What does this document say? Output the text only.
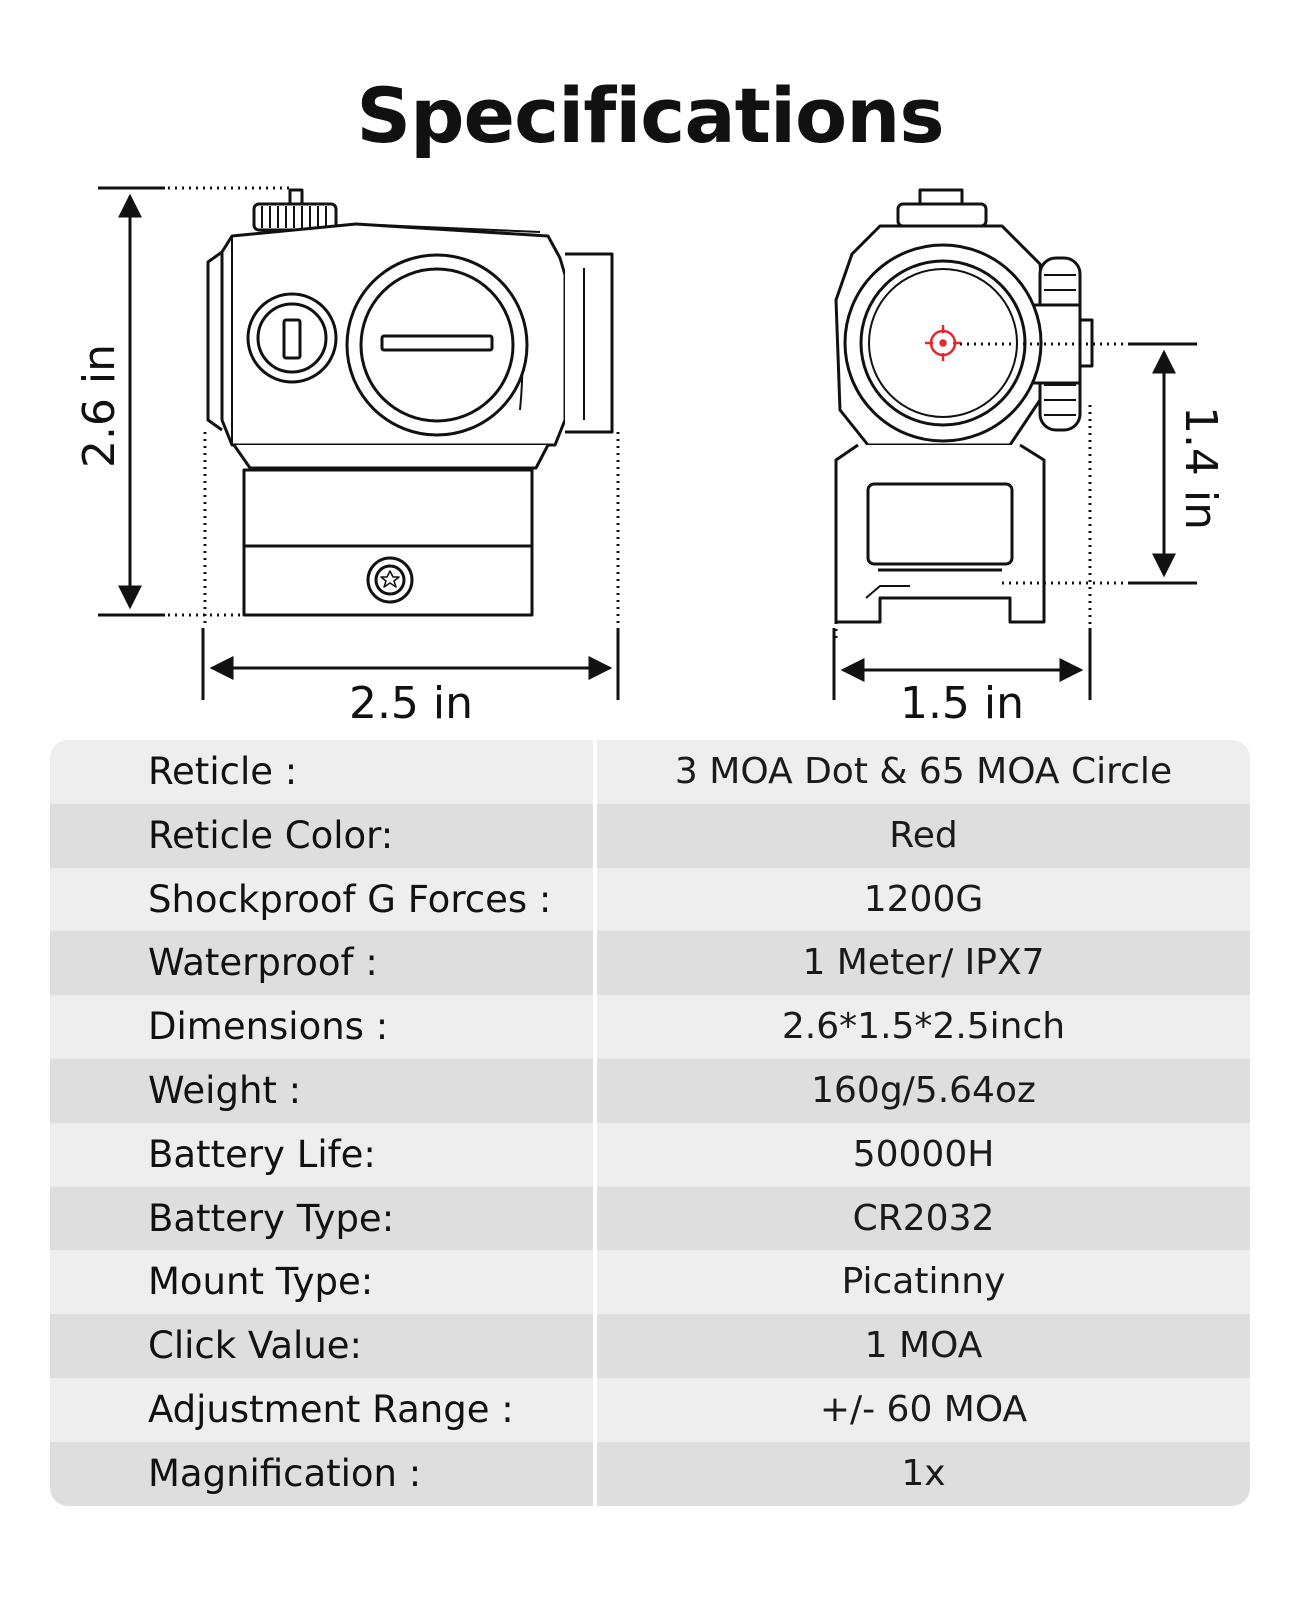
Specifications
2.6 in
2.5 in	1.5 in
1.4 in
Reticle :	3 MOA Dot & 65 MOA Circle
Reticle Color:	Red
Shockproof G Forces :	1200G
Waterproof :	1 Meter/ IPX7
Dimensions :	2.6*1.5*2.5inch
Weight :	160g/5.64oz
Battery Life:	50000H
Battery Type:	CR2032
Mount Type:	Picatinny
Click Value:	1 MOA
Adjustment Range :	+/- 60 MOA
Magnification :	1x
